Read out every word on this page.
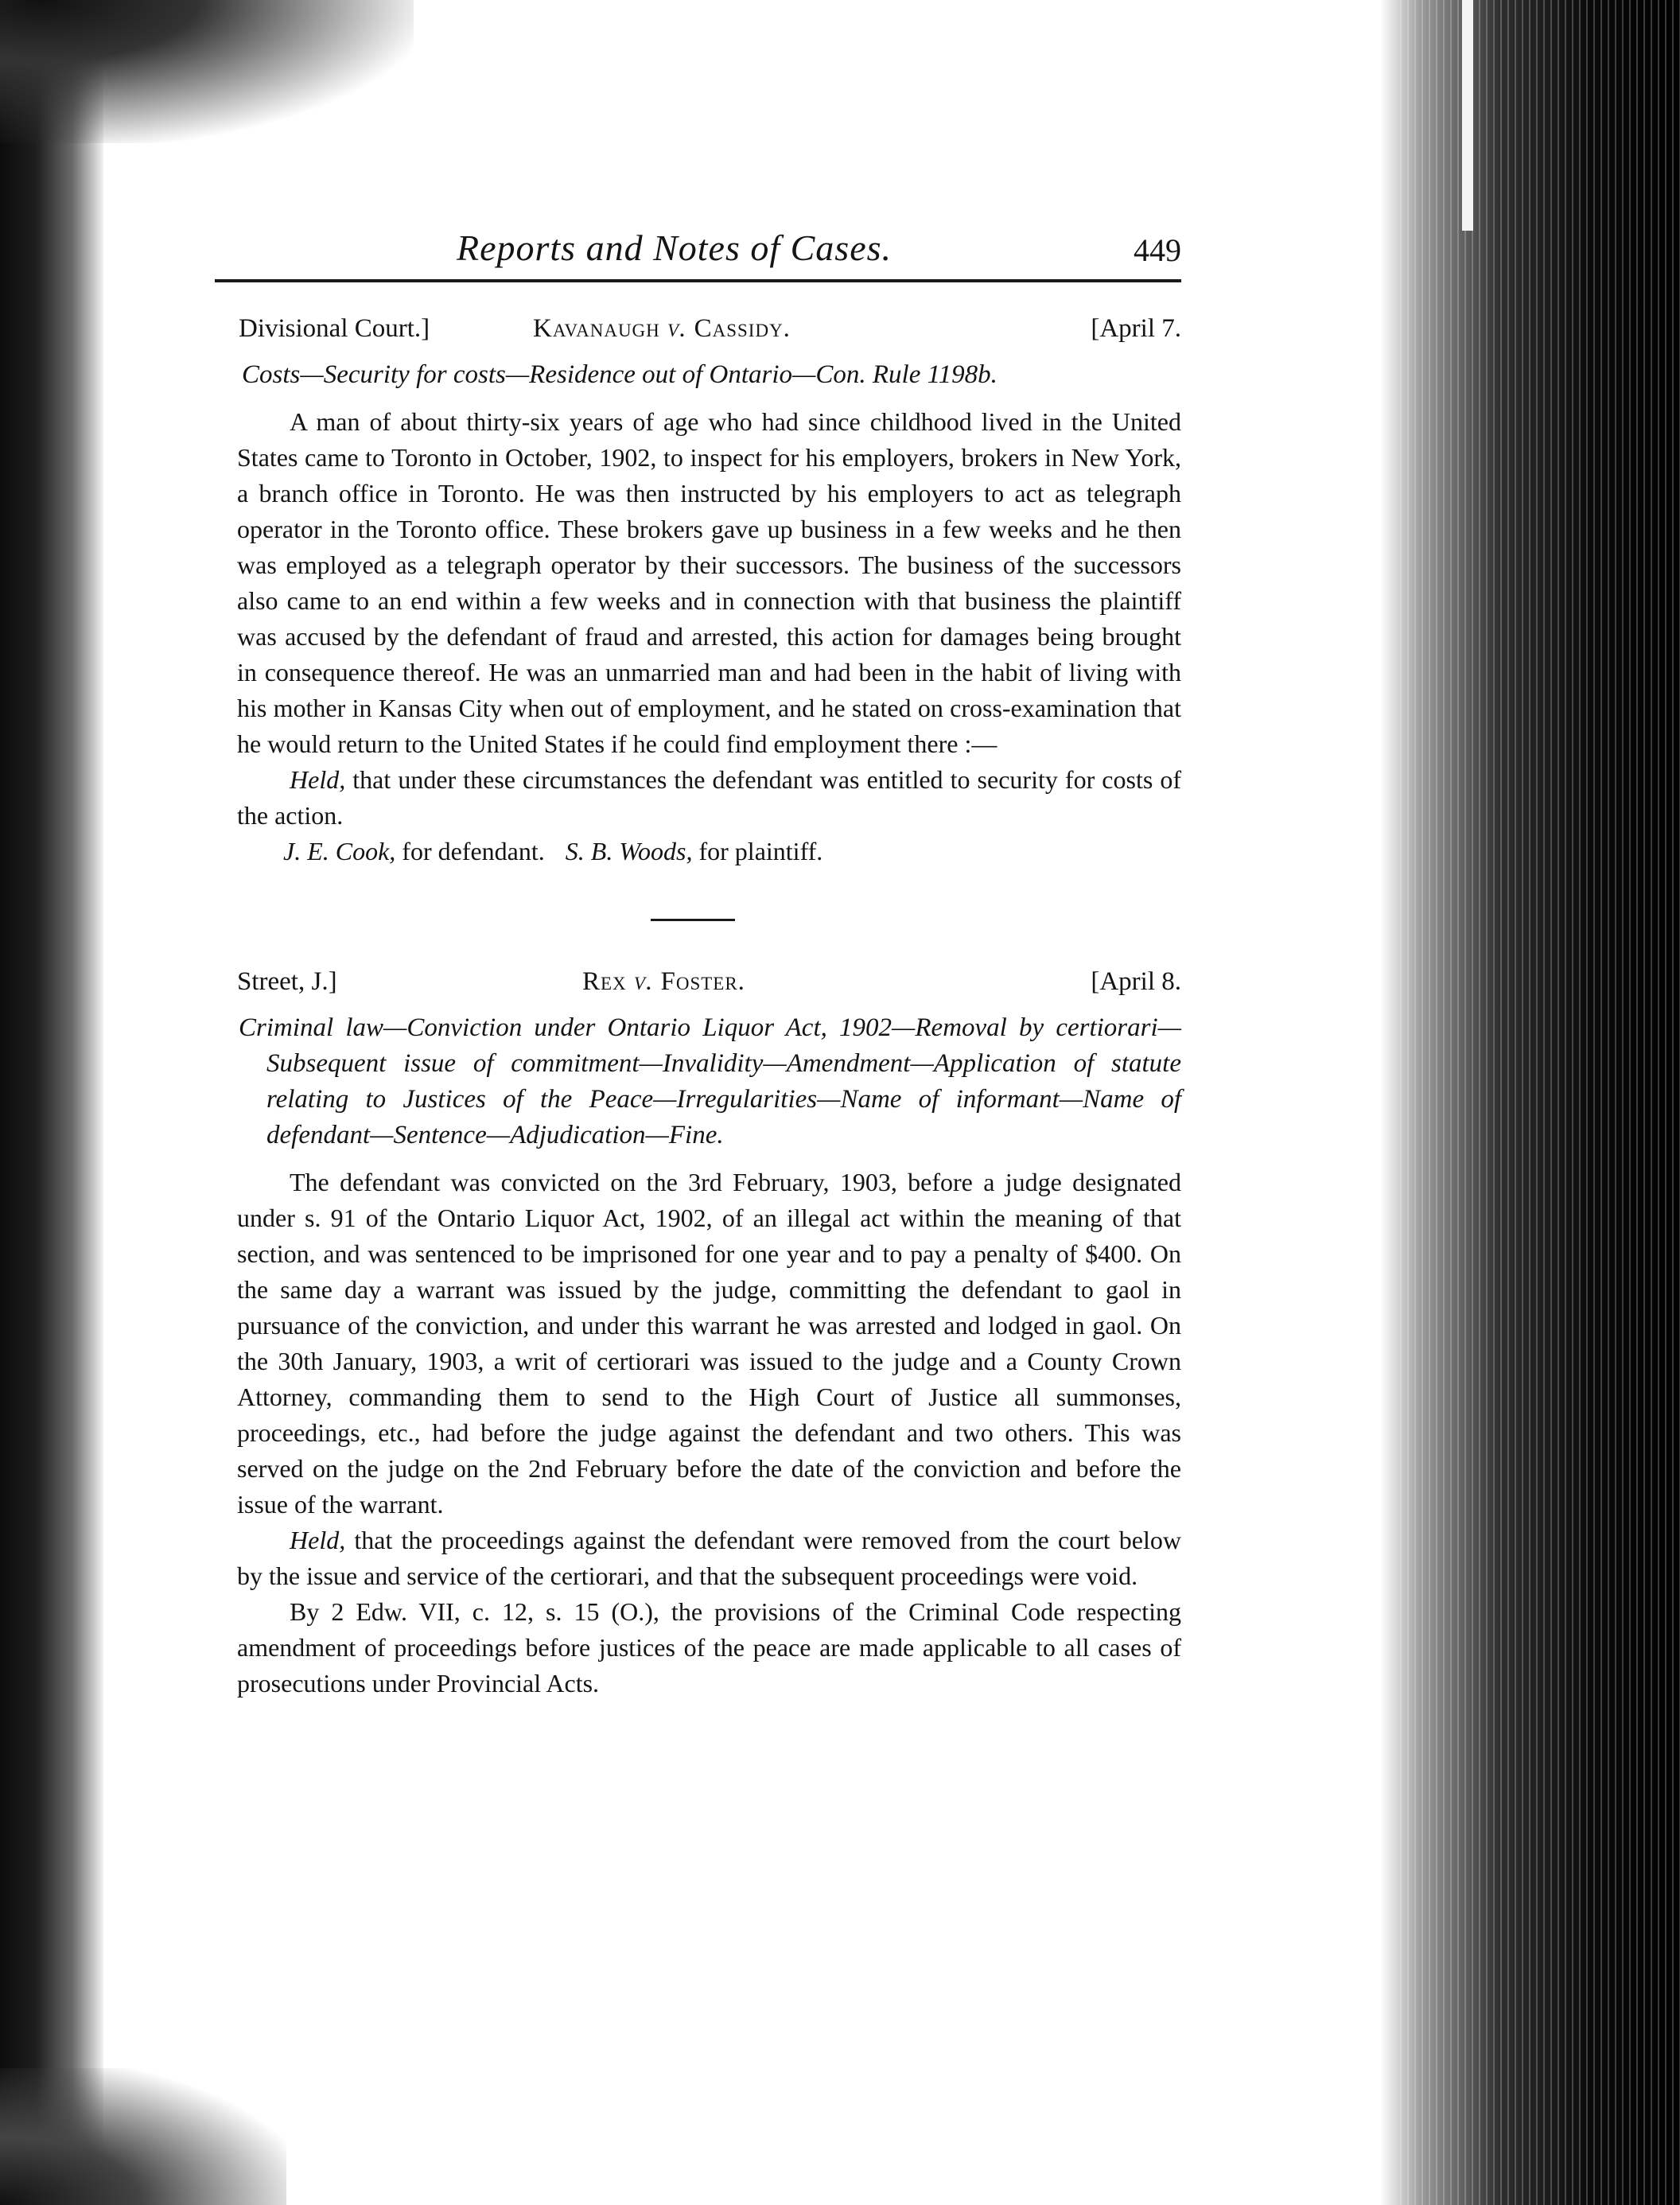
Reports and Notes of Cases.	449
Divisional Court.]	Kavanaugh v. Cassidy.	[April 7.
Costs—Security for costs—Residence out of Ontario—Con. Rule 1198b.

A man of about thirty-six years of age who had since childhood lived in the United States came to Toronto in October, 1902, to inspect for his employers, brokers in New York, a branch office in Toronto. He was then instructed by his employers to act as telegraph operator in the Toronto office. These brokers gave up business in a few weeks and he then was employed as a telegraph operator by their successors. The business of the successors also came to an end within a few weeks and in connection with that business the plaintiff was accused by the defendant of fraud and arrested, this action for damages being brought in consequence thereof. He was an unmarried man and had been in the habit of living with his mother in Kansas City when out of employment, and he stated on cross-examination that he would return to the United States if he could find employment there :—

Held, that under these circumstances the defendant was entitled to security for costs of the action.

J. E. Cook, for defendant. S. B. Woods, for plaintiff.
Street, J.]	Rex v. Foster.	[April 8.
Criminal law—Conviction under Ontario Liquor Act, 1902—Removal by certiorari—Subsequent issue of commitment—Invalidity—Amendment—Application of statute relating to Justices of the Peace—Irregularities—Name of informant—Name of defendant—Sentence—Adjudication—Fine.

The defendant was convicted on the 3rd February, 1903, before a judge designated under s. 91 of the Ontario Liquor Act, 1902, of an illegal act within the meaning of that section, and was sentenced to be imprisoned for one year and to pay a penalty of $400. On the same day a warrant was issued by the judge, committing the defendant to gaol in pursuance of the conviction, and under this warrant he was arrested and lodged in gaol. On the 30th January, 1903, a writ of certiorari was issued to the judge and a County Crown Attorney, commanding them to send to the High Court of Justice all summonses, proceedings, etc., had before the judge against the defendant and two others. This was served on the judge on the 2nd February before the date of the conviction and before the issue of the warrant.

Held, that the proceedings against the defendant were removed from the court below by the issue and service of the certiorari, and that the subsequent proceedings were void.

By 2 Edw. VII, c. 12, s. 15 (O.), the provisions of the Criminal Code respecting amendment of proceedings before justices of the peace are made applicable to all cases of prosecutions under Provincial Acts.
